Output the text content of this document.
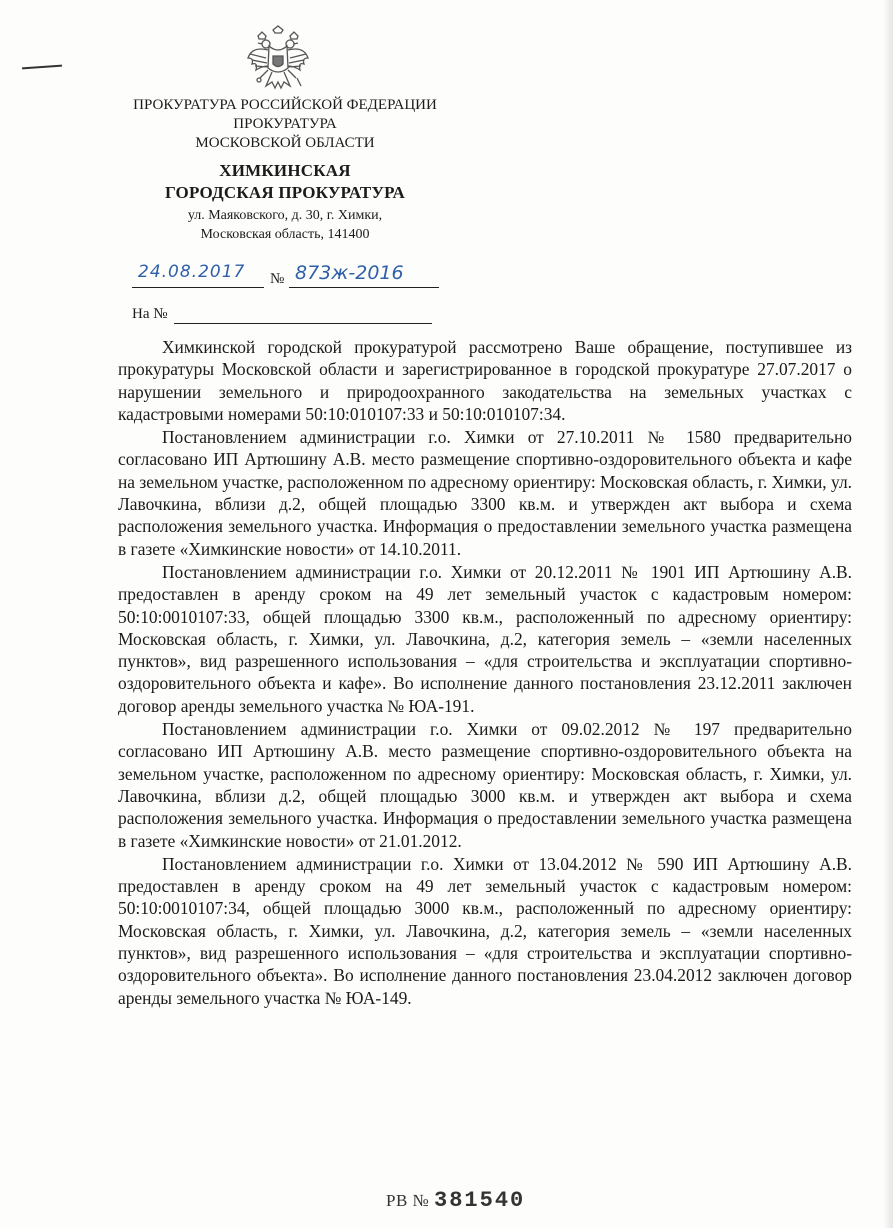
ПРОКУРАТУРА РОССИЙСКОЙ ФЕДЕРАЦИИ
ПРОКУРАТУРА
МОСКОВСКОЙ ОБЛАСТИ
ХИМКИНСКАЯ
ГОРОДСКАЯ ПРОКУРАТУРА
ул. Маяковского, д. 30, г. Химки,
Московская область, 141400
24.08.2017 № 873ж-2016
На №

Химкинской городской прокуратурой рассмотрено Ваше обращение, поступившее из прокуратуры Московской области и зарегистрированное в городской прокуратуре 27.07.2017 о нарушении земельного и природоохранного закодательства на земельных участках с кадастровыми номерами 50:10:010107:33 и 50:10:010107:34.

Постановлением администрации г.о. Химки от 27.10.2011 № 1580 предварительно согласовано ИП Артюшину А.В. место размещение спортивно-оздоровительного объекта и кафе на земельном участке, расположенном по адресному ориентиру: Московская область, г. Химки, ул. Лавочкина, вблизи д.2, общей площадью 3300 кв.м. и утвержден акт выбора и схема расположения земельного участка. Информация о предоставлении земельного участка размещена в газете «Химкинские новости» от 14.10.2011.

Постановлением администрации г.о. Химки от 20.12.2011 № 1901 ИП Артюшину А.В. предоставлен в аренду сроком на 49 лет земельный участок с кадастровым номером: 50:10:0010107:33, общей площадью 3300 кв.м., расположенный по адресному ориентиру: Московская область, г. Химки, ул. Лавочкина, д.2, категория земель – «земли населенных пунктов», вид разрешенного использования – «для строительства и эксплуатации спортивно-оздоровительного объекта и кафе». Во исполнение данного постановления 23.12.2011 заключен договор аренды земельного участка № ЮА-191.

Постановлением администрации г.о. Химки от 09.02.2012 № 197 предварительно согласовано ИП Артюшину А.В. место размещение спортивно-оздоровительного объекта на земельном участке, расположенном по адресному ориентиру: Московская область, г. Химки, ул. Лавочкина, вблизи д.2, общей площадью 3000 кв.м. и утвержден акт выбора и схема расположения земельного участка. Информация о предоставлении земельного участка размещена в газете «Химкинские новости» от 21.01.2012.

Постановлением администрации г.о. Химки от 13.04.2012 № 590 ИП Артюшину А.В. предоставлен в аренду сроком на 49 лет земельный участок с кадастровым номером: 50:10:0010107:34, общей площадью 3000 кв.м., расположенный по адресному ориентиру: Московская область, г. Химки, ул. Лавочкина, д.2, категория земель – «земли населенных пунктов», вид разрешенного использования – «для строительства и эксплуатации спортивно-оздоровительного объекта». Во исполнение данного постановления 23.04.2012 заключен договор аренды земельного участка № ЮА-149.

РВ № 381540
